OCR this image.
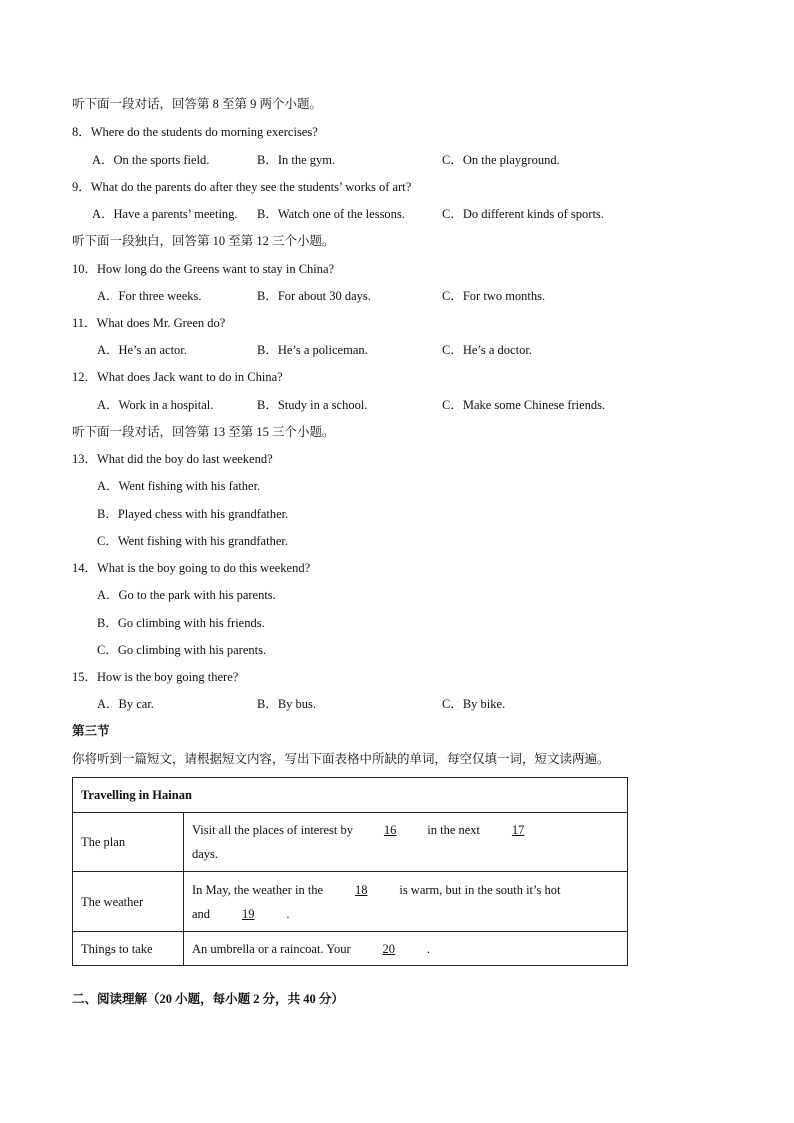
听下面一段对话，回答第 8 至第 9 两个小题。
8．Where do the students do morning exercises?
A．On the sports field.	B．In the gym.	C．On the playground.
9．What do the parents do after they see the students’ works of art?
A．Have a parents’ meeting. B．Watch one of the lessons.	C．Do different kinds of sports.
听下面一段独白，回答第 10 至第 12 三个小题。
10．How long do the Greens want to stay in China?
A．For three weeks.	B．For about 30 days.	C．For two months.
11．What does Mr. Green do?
A．He’s an actor.	B．He’s a policeman.	C．He’s a doctor.
12．What does Jack want to do in China?
A．Work in a hospital.	B．Study in a school.	C．Make some Chinese friends.
听下面一段对话，回答第 13 至第 15 三个小题。
13．What did the boy do last weekend?
A．Went fishing with his father.
B．Played chess with his grandfather.
C．Went fishing with his grandfather.
14．What is the boy going to do this weekend?
A．Go to the park with his parents.
B．Go climbing with his friends.
C．Go climbing with his parents.
15．How is the boy going there?
A．By car.	B．By bus.	C．By bike.
第三节
你将听到一篇短文，请根据短文内容，写出下面表格中所缺的单词，每空仅填一词，短文读两遍。
Travelling in Hainan	
The plan	Visit all the places of interest by 16 in the next 17
days.
The weather	In May, the weather in the 18 is warm, but in the south it’s hot
and 19 .
Things to take	An umbrella or a raincoat. Your 20 .
二、阅读理解（20 小题，每小题 2 分，共 40 分）
